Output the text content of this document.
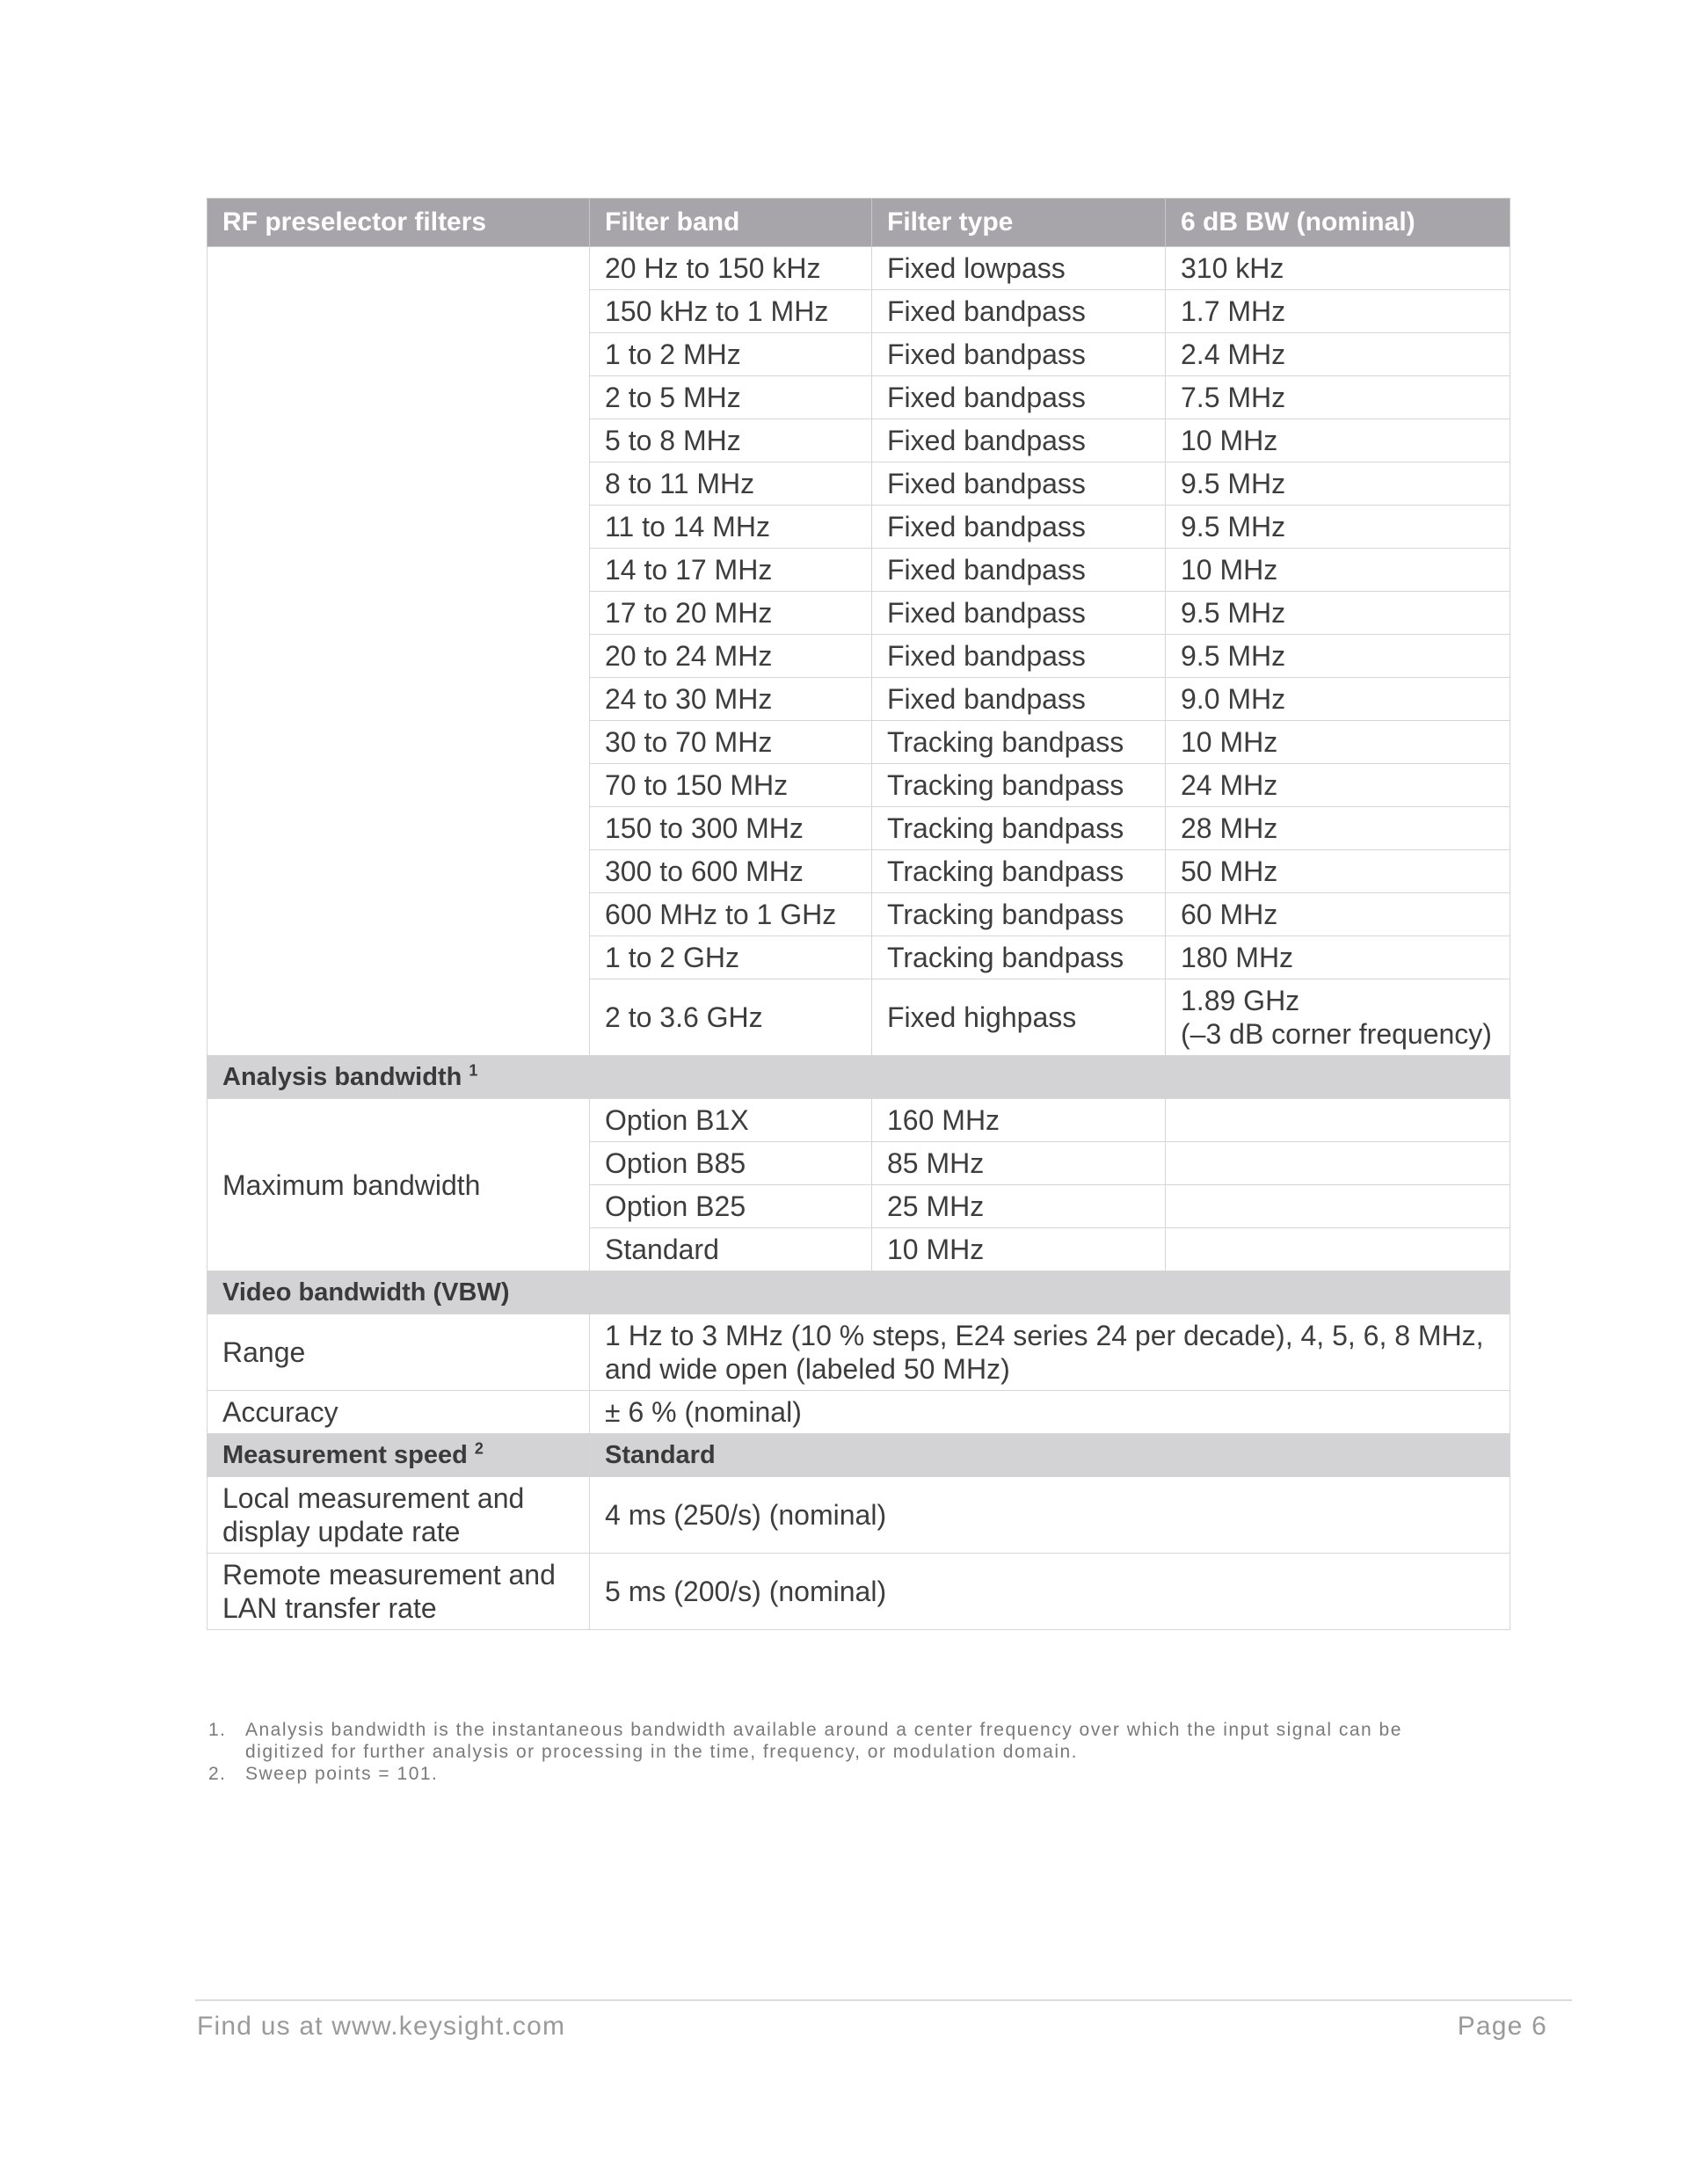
RF preselector filters	Filter band	Filter type	6 dB BW (nominal)
	20 Hz to 150 kHz	Fixed lowpass	310 kHz
	150 kHz to 1 MHz	Fixed bandpass	1.7 MHz
	1 to 2 MHz	Fixed bandpass	2.4 MHz
	2 to 5 MHz	Fixed bandpass	7.5 MHz
	5 to 8 MHz	Fixed bandpass	10 MHz
	8 to 11 MHz	Fixed bandpass	9.5 MHz
	11 to 14 MHz	Fixed bandpass	9.5 MHz
	14 to 17 MHz	Fixed bandpass	10 MHz
	17 to 20 MHz	Fixed bandpass	9.5 MHz
	20 to 24 MHz	Fixed bandpass	9.5 MHz
	24 to 30 MHz	Fixed bandpass	9.0 MHz
	30 to 70 MHz	Tracking bandpass	10 MHz
	70 to 150 MHz	Tracking bandpass	24 MHz
	150 to 300 MHz	Tracking bandpass	28 MHz
	300 to 600 MHz	Tracking bandpass	50 MHz
	600 MHz to 1 GHz	Tracking bandpass	60 MHz
	1 to 2 GHz	Tracking bandpass	180 MHz
	2 to 3.6 GHz	Fixed highpass	1.89 GHz
(–3 dB corner frequency)
Analysis bandwidth $^1$
Maximum bandwidth	Option B1X	160 MHz	
	Option B85	85 MHz	
	Option B25	25 MHz	
	Standard	10 MHz	
Video bandwidth (VBW)			
Range	1 Hz to 3 MHz (10 % steps, E24 series 24 per decade), 4, 5, 6, 8 MHz,
and wide open (labeled 50 MHz)		
Accuracy	± 6 % (nominal)		
Measurement speed $^2$	Standard		
Local measurement and
display update rate	4 ms (250/s) (nominal)		
Remote measurement and
LAN transfer rate	5 ms (200/s) (nominal)		
1.	Analysis bandwidth is the instantaneous bandwidth available around a center frequency over which the input signal can be
digitized for further analysis or processing in the time, frequency, or modulation domain.
2.	Sweep points = 101.
Find us at www.keysight.com	Page 6
